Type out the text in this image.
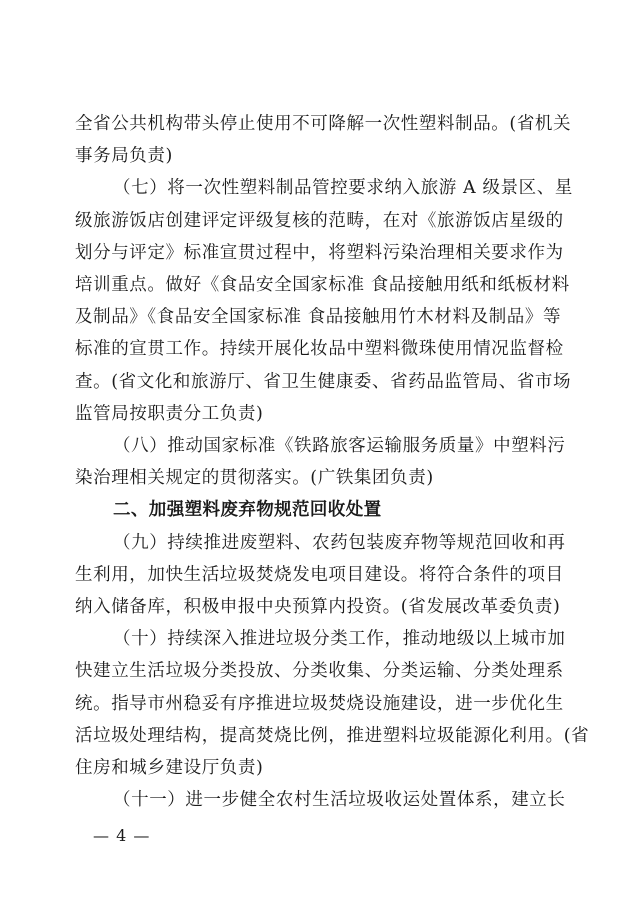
全省公共机构带头停止使用不可降解一次性塑料制品。(省机关
事务局负责)
（七）将一次性塑料制品管控要求纳入旅游 A 级景区、星
级旅游饭店创建评定评级复核的范畴，在对《旅游饭店星级的
划分与评定》标准宣贯过程中，将塑料污染治理相关要求作为
培训重点。做好《食品安全国家标准 食品接触用纸和纸板材料
及制品》《食品安全国家标准 食品接触用竹木材料及制品》等
标准的宣贯工作。持续开展化妆品中塑料微珠使用情况监督检
查。(省文化和旅游厅、省卫生健康委、省药品监管局、省市场
监管局按职责分工负责)
（八）推动国家标准《铁路旅客运输服务质量》中塑料污
染治理相关规定的贯彻落实。(广铁集团负责)
二、加强塑料废弃物规范回收处置
（九）持续推进废塑料、农药包装废弃物等规范回收和再
生利用，加快生活垃圾焚烧发电项目建设。将符合条件的项目
纳入储备库，积极申报中央预算内投资。(省发展改革委负责)
（十）持续深入推进垃圾分类工作，推动地级以上城市加
快建立生活垃圾分类投放、分类收集、分类运输、分类处理系
统。指导市州稳妥有序推进垃圾焚烧设施建设，进一步优化生
活垃圾处理结构，提高焚烧比例，推进塑料垃圾能源化利用。(省
住房和城乡建设厅负责)
（十一）进一步健全农村生活垃圾收运处置体系，建立长
— 4 —
